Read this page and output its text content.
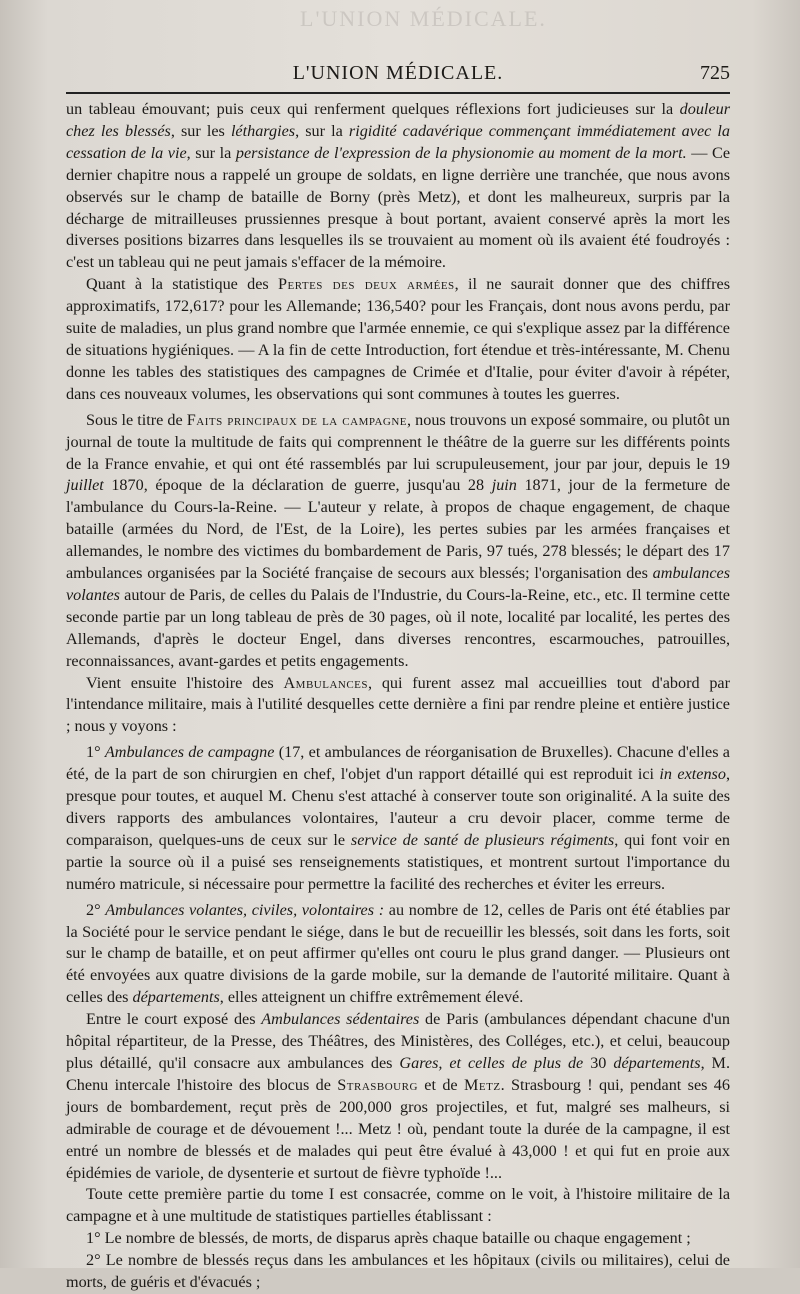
L'UNION MÉDICALE.
L'UNION MÉDICALE.	725

un tableau émouvant; puis ceux qui renferment quelques réflexions fort judicieuses sur la douleur chez les blessés, sur les léthargies, sur la rigidité cadavérique commençant immédiatement avec la cessation de la vie, sur la persistance de l'expression de la physionomie au moment de la mort. — Ce dernier chapitre nous a rappelé un groupe de soldats, en ligne derrière une tranchée, que nous avons observés sur le champ de bataille de Borny (près Metz), et dont les malheureux, surpris par la décharge de mitrailleuses prussiennes presque à bout portant, avaient conservé après la mort les diverses positions bizarres dans lesquelles ils se trouvaient au moment où ils avaient été foudroyés : c'est un tableau qui ne peut jamais s'effacer de la mémoire.

Quant à la statistique des Pertes des deux armées, il ne saurait donner que des chiffres approximatifs, 172,617? pour les Allemande; 136,540? pour les Français, dont nous avons perdu, par suite de maladies, un plus grand nombre que l'armée ennemie, ce qui s'explique assez par la différence de situations hygiéniques. — A la fin de cette Introduction, fort étendue et très-intéressante, M. Chenu donne les tables des statistiques des campagnes de Crimée et d'Italie, pour éviter d'avoir à répéter, dans ces nouveaux volumes, les observations qui sont communes à toutes les guerres.

Sous le titre de Faits principaux de la campagne, nous trouvons un exposé sommaire, ou plutôt un journal de toute la multitude de faits qui comprennent le théâtre de la guerre sur les différents points de la France envahie, et qui ont été rassemblés par lui scrupuleusement, jour par jour, depuis le 19 juillet 1870, époque de la déclaration de guerre, jusqu'au 28 juin 1871, jour de la fermeture de l'ambulance du Cours-la-Reine. — L'auteur y relate, à propos de chaque engagement, de chaque bataille (armées du Nord, de l'Est, de la Loire), les pertes subies par les armées françaises et allemandes, le nombre des victimes du bombardement de Paris, 97 tués, 278 blessés; le départ des 17 ambulances organisées par la Société française de secours aux blessés; l'organisation des ambulances volantes autour de Paris, de celles du Palais de l'Industrie, du Cours-la-Reine, etc., etc. Il termine cette seconde partie par un long tableau de près de 30 pages, où il note, localité par localité, les pertes des Allemands, d'après le docteur Engel, dans diverses rencontres, escarmouches, patrouilles, reconnaissances, avant-gardes et petits engagements.

Vient ensuite l'histoire des Ambulances, qui furent assez mal accueillies tout d'abord par l'intendance militaire, mais à l'utilité desquelles cette dernière a fini par rendre pleine et entière justice ; nous y voyons :

1° Ambulances de campagne (17, et ambulances de réorganisation de Bruxelles). Chacune d'elles a été, de la part de son chirurgien en chef, l'objet d'un rapport détaillé qui est reproduit ici in extenso, presque pour toutes, et auquel M. Chenu s'est attaché à conserver toute son originalité. A la suite des divers rapports des ambulances volontaires, l'auteur a cru devoir placer, comme terme de comparaison, quelques-uns de ceux sur le service de santé de plusieurs régiments, qui font voir en partie la source où il a puisé ses renseignements statistiques, et montrent surtout l'importance du numéro matricule, si nécessaire pour permettre la facilité des recherches et éviter les erreurs.

2° Ambulances volantes, civiles, volontaires : au nombre de 12, celles de Paris ont été établies par la Société pour le service pendant le siége, dans le but de recueillir les blessés, soit dans les forts, soit sur le champ de bataille, et on peut affirmer qu'elles ont couru le plus grand danger. — Plusieurs ont été envoyées aux quatre divisions de la garde mobile, sur la demande de l'autorité militaire. Quant à celles des départements, elles atteignent un chiffre extrêmement élevé.

Entre le court exposé des Ambulances sédentaires de Paris (ambulances dépendant chacune d'un hôpital répartiteur, de la Presse, des Théâtres, des Ministères, des Colléges, etc.), et celui, beaucoup plus détaillé, qu'il consacre aux ambulances des Gares, et celles de plus de 30 départements, M. Chenu intercale l'histoire des blocus de Strasbourg et de Metz. Strasbourg ! qui, pendant ses 46 jours de bombardement, reçut près de 200,000 gros projectiles, et fut, malgré ses malheurs, si admirable de courage et de dévouement !... Metz ! où, pendant toute la durée de la campagne, il est entré un nombre de blessés et de malades qui peut être évalué à 43,000 ! et qui fut en proie aux épidémies de variole, de dysenterie et surtout de fièvre typhoïde !...

Toute cette première partie du tome I est consacrée, comme on le voit, à l'histoire militaire de la campagne et à une multitude de statistiques partielles établissant :

1° Le nombre de blessés, de morts, de disparus après chaque bataille ou chaque engagement ;

2° Le nombre de blessés reçus dans les ambulances et les hôpitaux (civils ou militaires), celui de morts, de guéris et d'évacués ;
